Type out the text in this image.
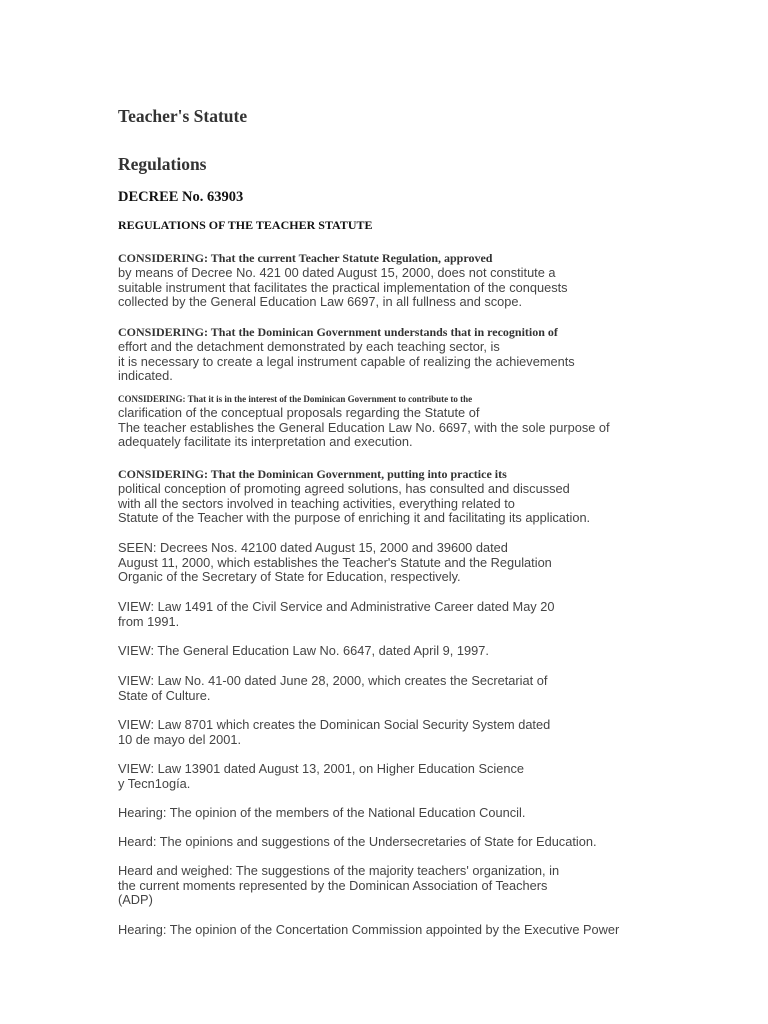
Teacher's Statute
Regulations
DECREE No. 63903
REGULATIONS OF THE TEACHER STATUTE
CONSIDERING: That the current Teacher Statute Regulation, approved
by means of Decree No. 421 00 dated August 15, 2000, does not constitute a
suitable instrument that facilitates the practical implementation of the conquests
collected by the General Education Law 6697, in all fullness and scope.
CONSIDERING: That the Dominican Government understands that in recognition of
effort and the detachment demonstrated by each teaching sector, is
it is necessary to create a legal instrument capable of realizing the achievements
indicated.
CONSIDERING: That it is in the interest of the Dominican Government to contribute to the
clarification of the conceptual proposals regarding the Statute of
The teacher establishes the General Education Law No. 6697, with the sole purpose of
adequately facilitate its interpretation and execution.
CONSIDERING: That the Dominican Government, putting into practice its
political conception of promoting agreed solutions, has consulted and discussed
with all the sectors involved in teaching activities, everything related to
Statute of the Teacher with the purpose of enriching it and facilitating its application.
SEEN: Decrees Nos. 42100 dated August 15, 2000 and 39600 dated
August 11, 2000, which establishes the Teacher's Statute and the Regulation
Organic of the Secretary of State for Education, respectively.
VIEW: Law 1491 of the Civil Service and Administrative Career dated May 20
from 1991.
VIEW: The General Education Law No. 6647, dated April 9, 1997.
VIEW: Law No. 41-00 dated June 28, 2000, which creates the Secretariat of
State of Culture.
VIEW: Law 8701 which creates the Dominican Social Security System dated
10 de mayo del 2001.
VIEW: Law 13901 dated August 13, 2001, on Higher Education Science
y Tecn1ogía.
Hearing: The opinion of the members of the National Education Council.
Heard: The opinions and suggestions of the Undersecretaries of State for Education.
Heard and weighed: The suggestions of the majority teachers' organization, in
the current moments represented by the Dominican Association of Teachers
(ADP)
Hearing: The opinion of the Concertation Commission appointed by the Executive Power
